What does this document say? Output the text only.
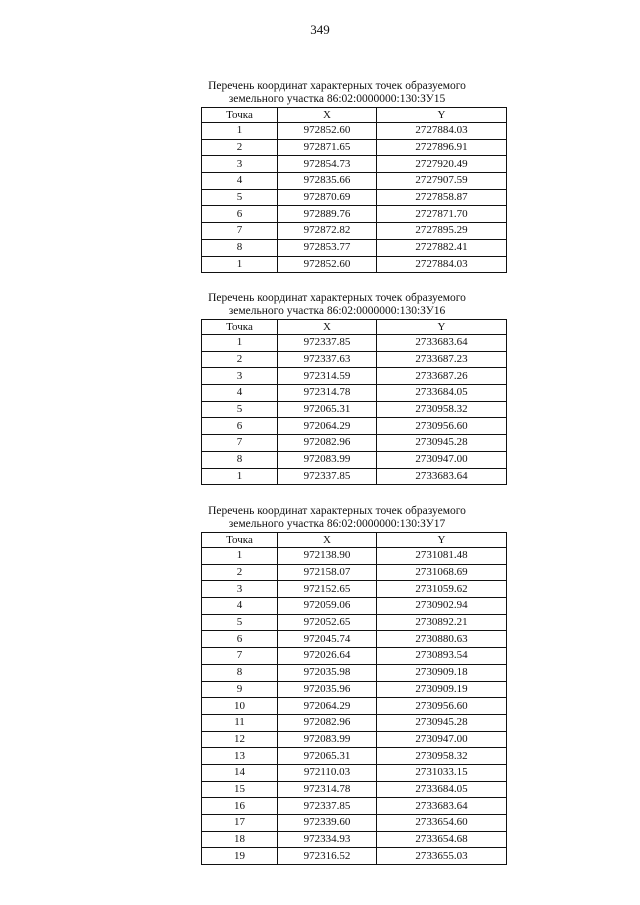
349
Перечень координат характерных точек образуемого
земельного участка 86:02:0000000:130:ЗУ15
Точка	X	Y
1	972852.60	2727884.03
2	972871.65	2727896.91
3	972854.73	2727920.49
4	972835.66	2727907.59
5	972870.69	2727858.87
6	972889.76	2727871.70
7	972872.82	2727895.29
8	972853.77	2727882.41
1	972852.60	2727884.03
Перечень координат характерных точек образуемого
земельного участка 86:02:0000000:130:ЗУ16
Точка	X	Y
1	972337.85	2733683.64
2	972337.63	2733687.23
3	972314.59	2733687.26
4	972314.78	2733684.05
5	972065.31	2730958.32
6	972064.29	2730956.60
7	972082.96	2730945.28
8	972083.99	2730947.00
1	972337.85	2733683.64
Перечень координат характерных точек образуемого
земельного участка 86:02:0000000:130:ЗУ17
Точка	X	Y
1	972138.90	2731081.48
2	972158.07	2731068.69
3	972152.65	2731059.62
4	972059.06	2730902.94
5	972052.65	2730892.21
6	972045.74	2730880.63
7	972026.64	2730893.54
8	972035.98	2730909.18
9	972035.96	2730909.19
10	972064.29	2730956.60
11	972082.96	2730945.28
12	972083.99	2730947.00
13	972065.31	2730958.32
14	972110.03	2731033.15
15	972314.78	2733684.05
16	972337.85	2733683.64
17	972339.60	2733654.60
18	972334.93	2733654.68
19	972316.52	2733655.03
